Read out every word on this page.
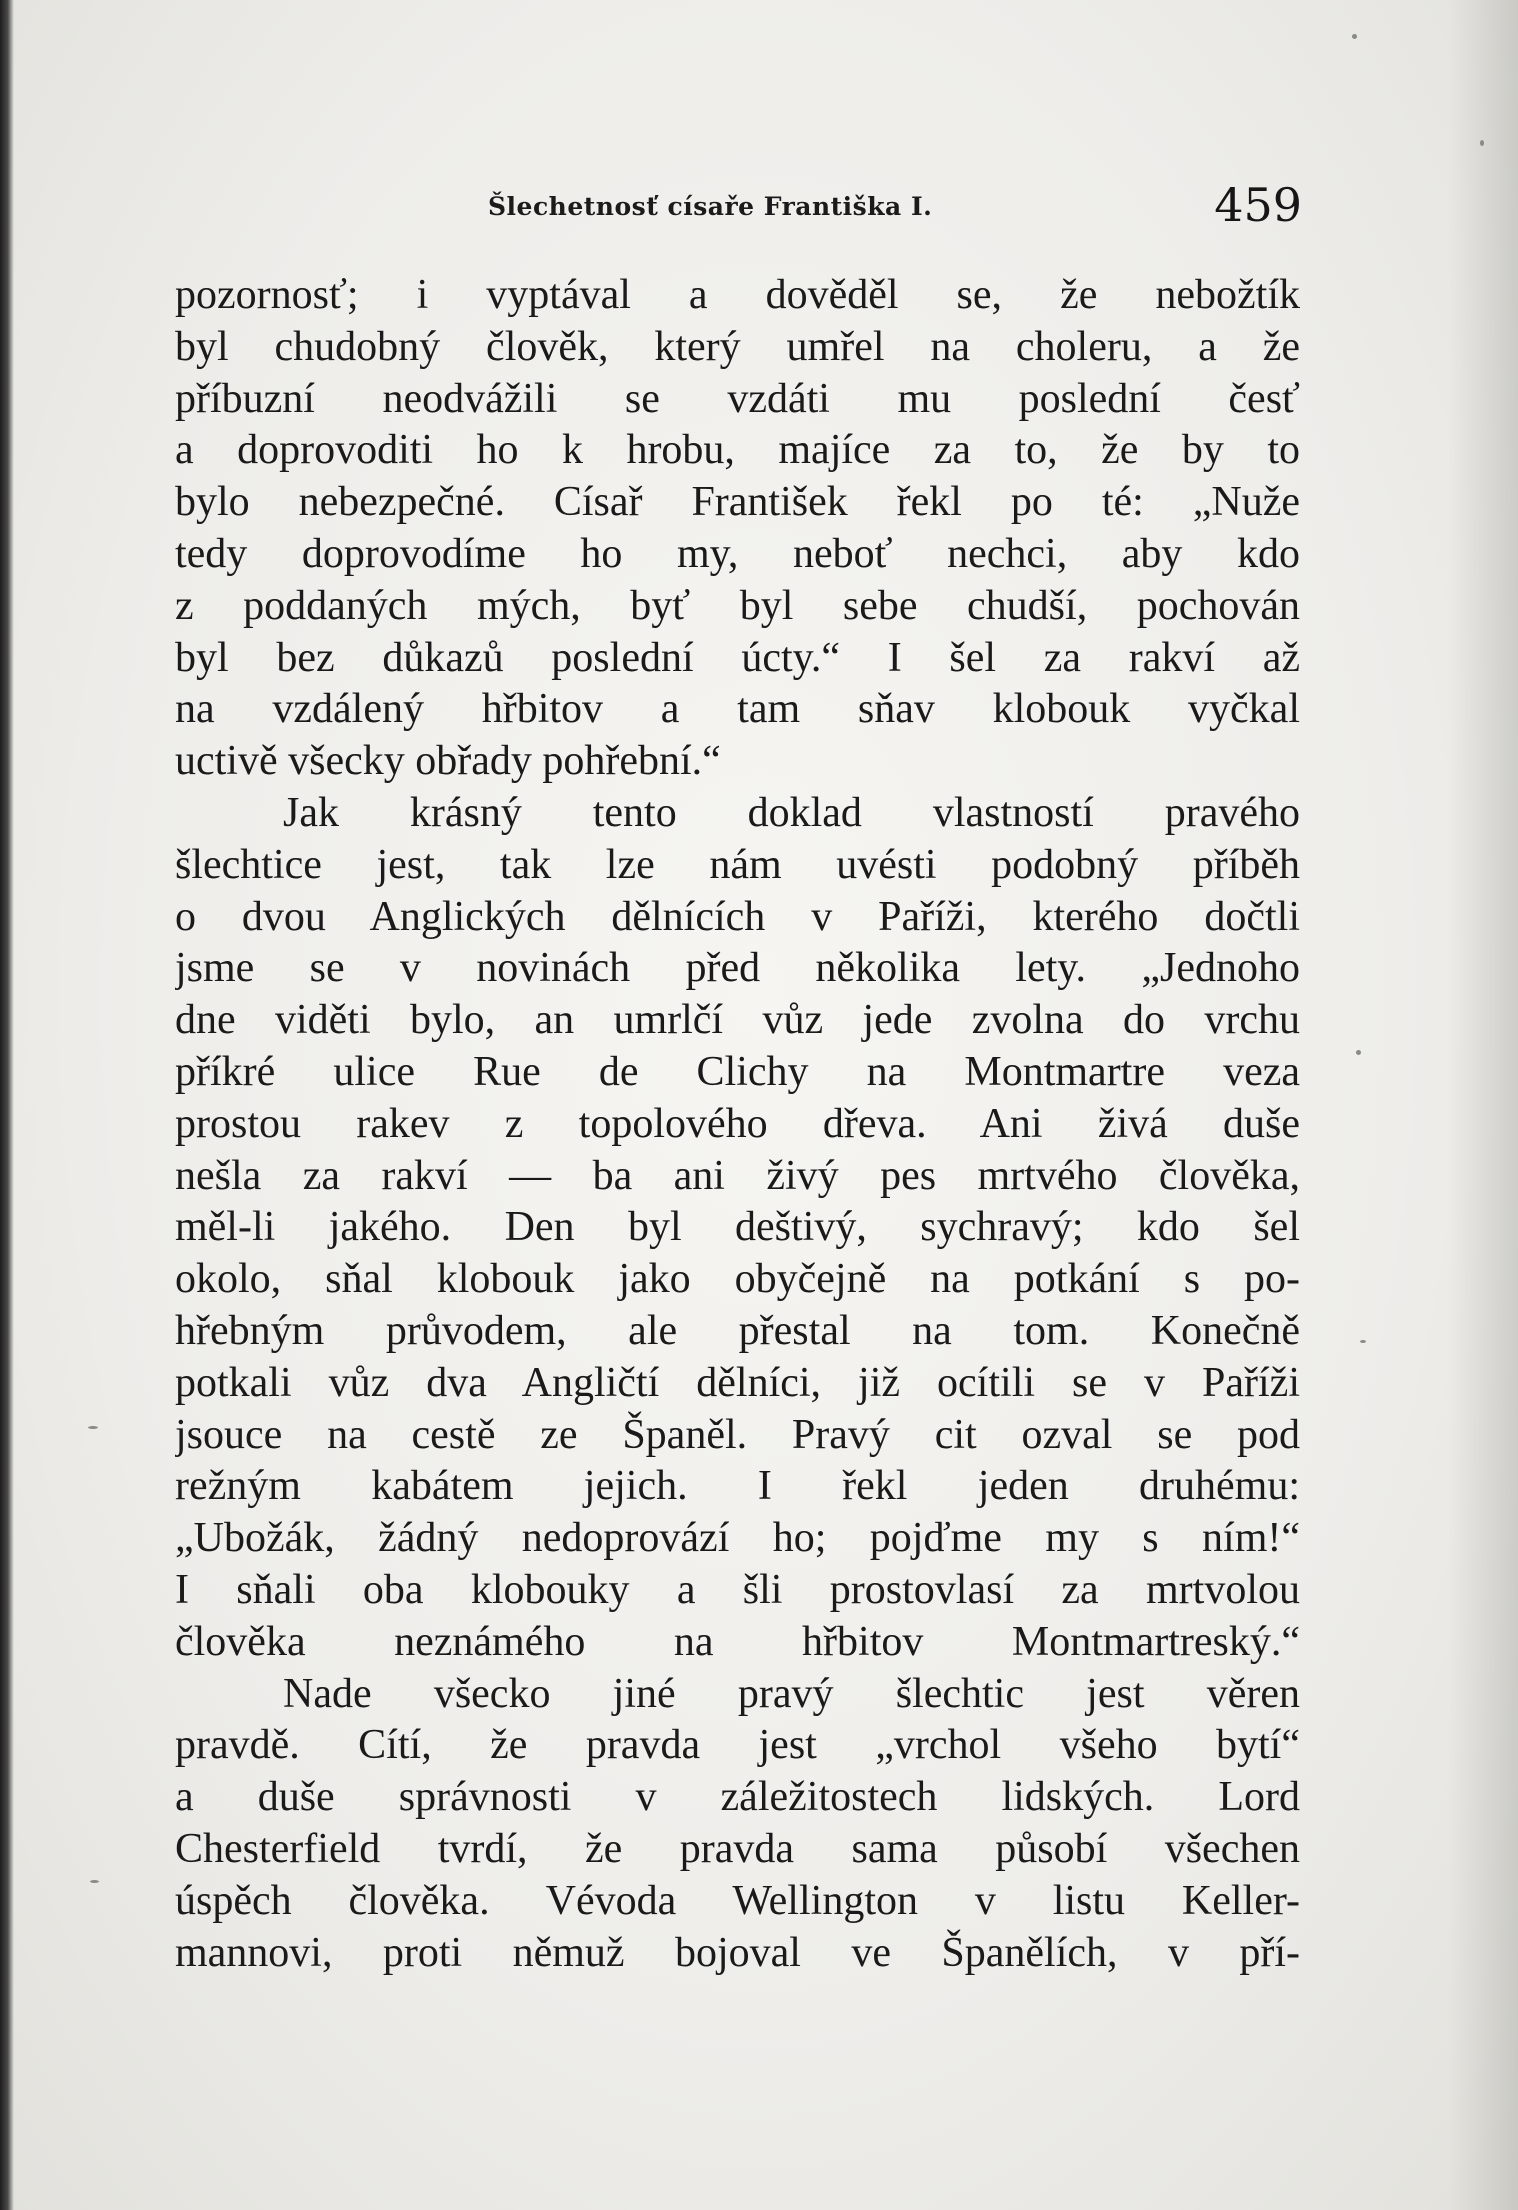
Šlechetnosť císaře Františka I.	459
pozornosť; i vyptával a dověděl se, že nebožtík
byl chudobný člověk, který umřel na choleru, a že
příbuzní neodvážili se vzdáti mu poslední česť
a doprovoditi ho k hrobu, majíce za to, že by to
bylo nebezpečné. Císař František řekl po té: „Nuže
tedy doprovodíme ho my, neboť nechci, aby kdo
z poddaných mých, byť byl sebe chudší, pochován
byl bez důkazů poslední úcty.“ I šel za rakví až
na vzdálený hřbitov a tam sňav klobouk vyčkal
uctivě všecky obřady pohřební.“
Jak krásný tento doklad vlastností pravého
šlechtice jest, tak lze nám uvésti podobný příběh
o dvou Anglických dělnících v Paříži, kterého dočtli
jsme se v novinách před několika lety. „Jednoho
dne viděti bylo, an umrlčí vůz jede zvolna do vrchu
příkré ulice Rue de Clichy na Montmartre veza
prostou rakev z topolového dřeva. Ani živá duše
nešla za rakví — ba ani živý pes mrtvého člověka,
měl-li jakého. Den byl deštivý, sychravý; kdo šel
okolo, sňal klobouk jako obyčejně na potkání s po-
hřebným průvodem, ale přestal na tom. Konečně
potkali vůz dva Angličtí dělníci, již ocítili se v Paříži
jsouce na cestě ze Španěl. Pravý cit ozval se pod
režným kabátem jejich. I řekl jeden druhému:
„Ubožák, žádný nedoprovází ho; pojďme my s ním!“
I sňali oba klobouky a šli prostovlasí za mrtvolou
člověka neznámého na hřbitov Montmartreský.“
Nade všecko jiné pravý šlechtic jest věren
pravdě. Cítí, že pravda jest „vrchol všeho bytí“
a duše správnosti v záležitostech lidských. Lord
Chesterfield tvrdí, že pravda sama působí všechen
úspěch člověka. Vévoda Wellington v listu Keller-
mannovi, proti němuž bojoval ve Španělích, v pří-
